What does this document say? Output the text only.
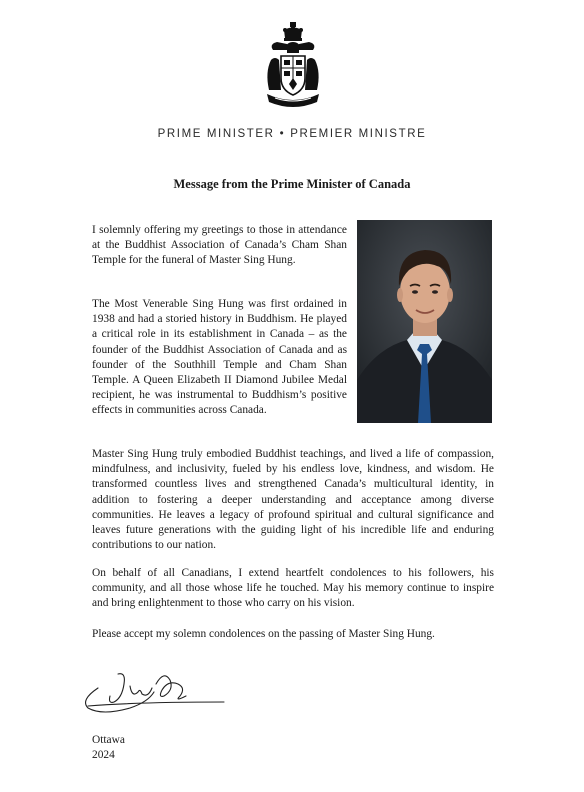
PRIME MINISTER • PREMIER MINISTRE
Message from the Prime Minister of Canada

I solemnly offering my greetings to those in attendance at the Buddhist Association of Canada’s Cham Shan Temple for the funeral of Master Sing Hung.

The Most Venerable Sing Hung was first ordained in 1938 and had a storied history in Buddhism. He played a critical role in its establishment in Canada – as the founder of the Buddhist Association of Canada and as founder of the Southhill Temple and Cham Shan Temple. A Queen Elizabeth II Diamond Jubilee Medal recipient, he was instrumental to Buddhism’s positive effects in communities across Canada.

Master Sing Hung truly embodied Buddhist teachings, and lived a life of compassion, mindfulness, and inclusivity, fueled by his endless love, kindness, and wisdom. He transformed countless lives and strengthened Canada’s multicultural identity, in addition to fostering a deeper understanding and acceptance among diverse communities. He leaves a legacy of profound spiritual and cultural significance and leaves future generations with the guiding light of his incredible life and enduring contributions to our nation.

On behalf of all Canadians, I extend heartfelt condolences to his followers, his community, and all those whose life he touched. May his memory continue to inspire and bring enlightenment to those who carry on his vision.

Please accept my solemn condolences on the passing of Master Sing Hung.

Ottawa
2024
